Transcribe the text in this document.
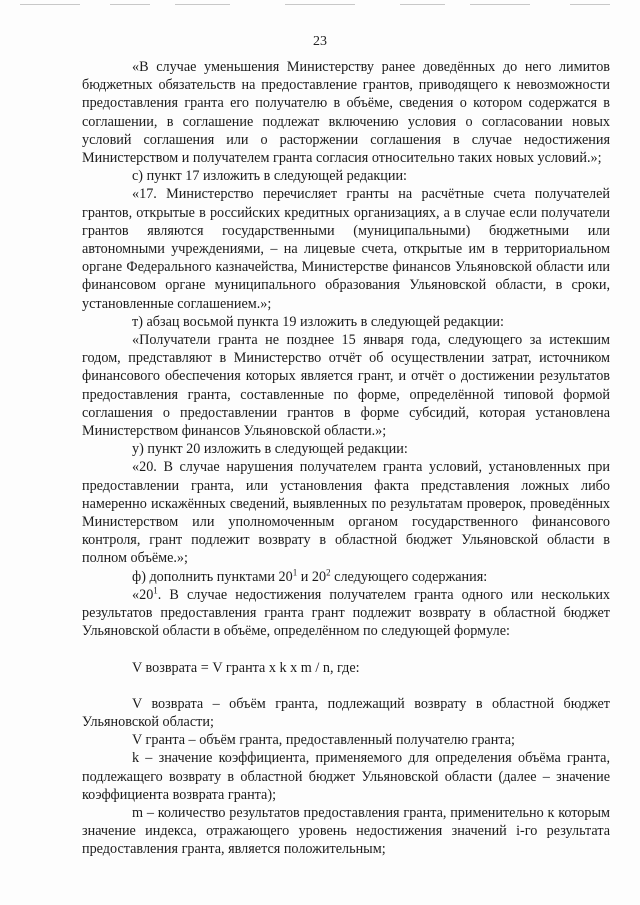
23

«В случае уменьшения Министерству ранее доведённых до него лимитов бюджетных обязательств на предоставление грантов, приводящего к невозможности предоставления гранта его получателю в объёме, сведения о котором содержатся в соглашении, в соглашение подлежат включению условия о согласовании новых условий соглашения или о расторжении соглашения в случае недостижения Министерством и получателем гранта согласия относительно таких новых условий.»;

с) пункт 17 изложить в следующей редакции:

«17. Министерство перечисляет гранты на расчётные счета получателей грантов, открытые в российских кредитных организациях, а в случае если получатели грантов являются государственными (муниципальными) бюджетными или автономными учреждениями, – на лицевые счета, открытые им в территориальном органе Федерального казначейства, Министерстве финансов Ульяновской области или финансовом органе муниципального образования Ульяновской области, в сроки, установленные соглашением.»;

т) абзац восьмой пункта 19 изложить в следующей редакции:

«Получатели гранта не позднее 15 января года, следующего за истекшим годом, представляют в Министерство отчёт об осуществлении затрат, источником финансового обеспечения которых является грант, и отчёт о достижении результатов предоставления гранта, составленные по форме, определённой типовой формой соглашения о предоставлении грантов в форме субсидий, которая установлена Министерством финансов Ульяновской области.»;

у) пункт 20 изложить в следующей редакции:

«20. В случае нарушения получателем гранта условий, установленных при предоставлении гранта, или установления факта представления ложных либо намеренно искажённых сведений, выявленных по результатам проверок, проведённых Министерством или уполномоченным органом государственного финансового контроля, грант подлежит возврату в областной бюджет Ульяновской области в полном объёме.»;

ф) дополнить пунктами $20^1$ и $20^2$ следующего содержания:

«$20^1$. В случае недостижения получателем гранта одного или нескольких результатов предоставления гранта грант подлежит возврату в областной бюджет Ульяновской области в объёме, определённом по следующей формуле:

V возврата = V гранта x k x m / n, где:

V возврата – объём гранта, подлежащий возврату в областной бюджет Ульяновской области;

V гранта – объём гранта, предоставленный получателю гранта;

k – значение коэффициента, применяемого для определения объёма гранта, подлежащего возврату в областной бюджет Ульяновской области (далее – значение коэффициента возврата гранта);

m – количество результатов предоставления гранта, применительно к которым значение индекса, отражающего уровень недостижения значений i-го результата предоставления гранта, является положительным;
